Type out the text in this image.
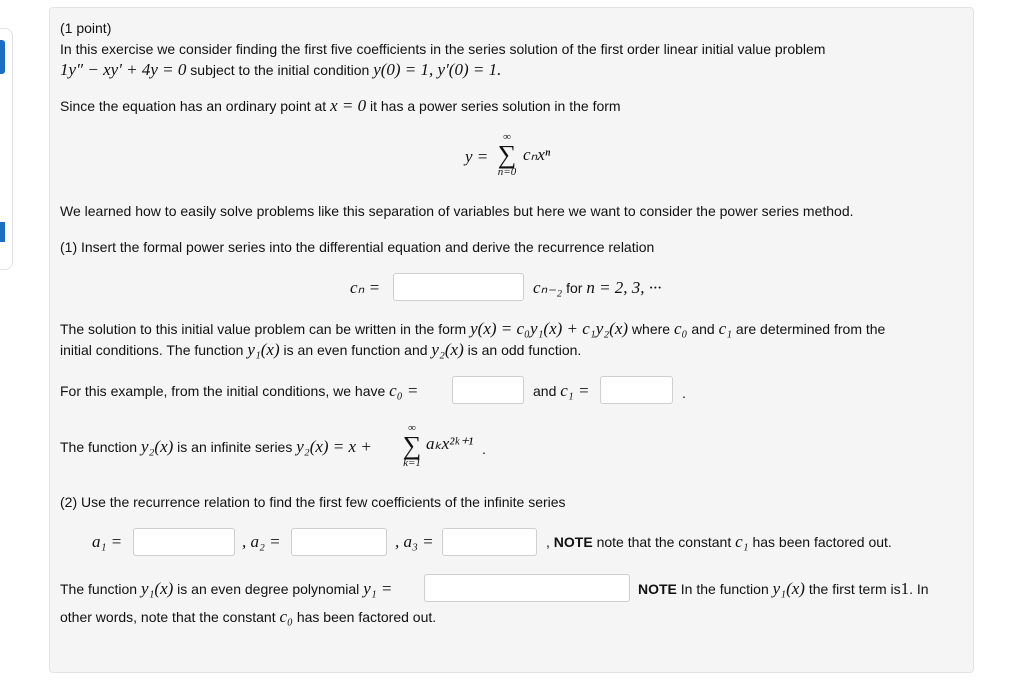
(1 point)
In this exercise we consider finding the first five coefficients in the series solution of the first order linear initial value problem
1y″ − xy′ + 4y = 0 subject to the initial condition y(0) = 1, y′(0) = 1.
Since the equation has an ordinary point at x = 0 it has a power series solution in the form
y =
∞
∑
n=0
cₙxⁿ
We learned how to easily solve problems like this separation of variables but here we want to consider the power series method.
(1) Insert the formal power series into the differential equation and derive the recurrence relation
cₙ =	cₙ₋₂ for n = 2, 3, ···
The solution to this initial value problem can be written in the form y(x) = c₀y₁(x) + c₁y₂(x) where c₀ and c₁ are determined from the
initial conditions. The function y₁(x) is an even function and y₂(x) is an odd function.
For this example, from the initial conditions, we have c₀ =	and c₁ =	.
The function y₂(x) is an infinite series y₂(x) = x +
∞
∑
k=1
aₖx²ᵏ⁺¹ .
(2) Use the recurrence relation to find the first few coefficients of the infinite series
a₁ =	, a₂ =	, a₃ =	, NOTE note that the constant c₁ has been factored out.
The function y₁(x) is an even degree polynomial y₁ =	NOTE In the function y₁(x) the first term is1. In
other words, note that the constant c₀ has been factored out.
